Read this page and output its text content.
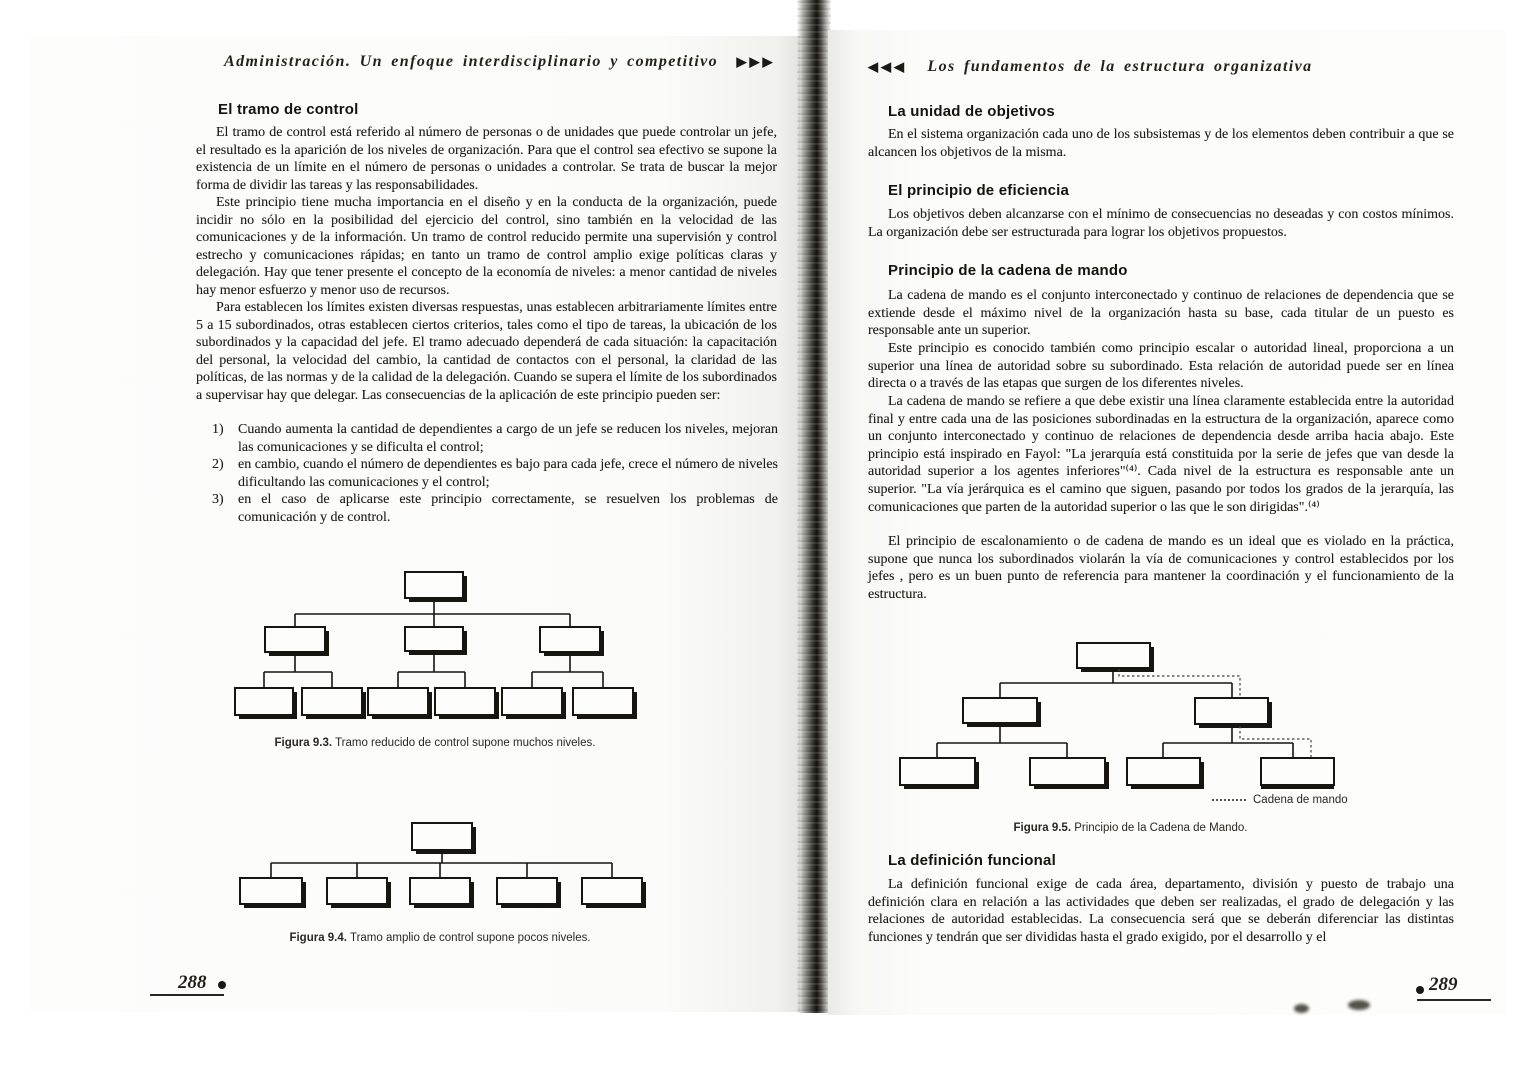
Administración. Un enfoque interdisciplinario y competitivo ▶▶▶
El tramo de control
El tramo de control está referido al número de personas o de unidades que puede controlar un jefe, el resultado es la aparición de los niveles de organización. Para que el control sea efectivo se supone la existencia de un límite en el número de personas o unidades a controlar. Se trata de buscar la mejor forma de dividir las tareas y las responsabilidades.
Este principio tiene mucha importancia en el diseño y en la conducta de la organización, puede incidir no sólo en la posibilidad del ejercicio del control, sino también en la velocidad de las comunicaciones y de la información. Un tramo de control reducido permite una supervisión y control estrecho y comunicaciones rápidas; en tanto un tramo de control amplio exige políticas claras y delegación. Hay que tener presente el concepto de la economía de niveles: a menor cantidad de niveles hay menor esfuerzo y menor uso de recursos.
Para establecen los límites existen diversas respuestas, unas establecen arbitrariamente límites entre 5 a 15 subordinados, otras establecen ciertos criterios, tales como el tipo de tareas, la ubicación de los subordinados y la capacidad del jefe. El tramo adecuado dependerá de cada situación: la capacitación del personal, la velocidad del cambio, la cantidad de contactos con el personal, la claridad de las políticas, de las normas y de la calidad de la delegación. Cuando se supera el límite de los subordinados a supervisar hay que delegar. Las consecuencias de la aplicación de este principio pueden ser:
1)	Cuando aumenta la cantidad de dependientes a cargo de un jefe se reducen los niveles, mejoran las comunicaciones y se dificulta el control;
2)	en cambio, cuando el número de dependientes es bajo para cada jefe, crece el número de niveles dificultando las comunicaciones y el control;
3)	en el caso de aplicarse este principio correctamente, se resuelven los problemas de comunicación y de control.
Figura 9.3. Tramo reducido de control supone muchos niveles.
Figura 9.4. Tramo amplio de control supone pocos niveles.
288
◀◀◀ Los fundamentos de la estructura organizativa
La unidad de objetivos
En el sistema organización cada uno de los subsistemas y de los elementos deben contribuir a que se alcancen los objetivos de la misma.
El principio de eficiencia
Los objetivos deben alcanzarse con el mínimo de consecuencias no deseadas y con costos mínimos. La organización debe ser estructurada para lograr los objetivos propuestos.
Principio de la cadena de mando
La cadena de mando es el conjunto interconectado y continuo de relaciones de dependencia que se extiende desde el máximo nivel de la organización hasta su base, cada titular de un puesto es responsable ante un superior.
Este principio es conocido también como principio escalar o autoridad lineal, proporciona a un superior una línea de autoridad sobre su subordinado. Esta relación de autoridad puede ser en línea directa o a través de las etapas que surgen de los diferentes niveles.
La cadena de mando se refiere a que debe existir una línea claramente establecida entre la autoridad final y entre cada una de las posiciones subordinadas en la estructura de la organización, aparece como un conjunto interconectado y continuo de relaciones de dependencia desde arriba hacia abajo. Este principio está inspirado en Fayol: "La jerarquía está constituida por la serie de jefes que van desde la autoridad superior a los agentes inferiores"⁽⁴⁾. Cada nivel de la estructura es responsable ante un superior. "La vía jerárquica es el camino que siguen, pasando por todos los grados de la jerarquía, las comunicaciones que parten de la autoridad superior o las que le son dirigidas".⁽⁴⁾
El principio de escalonamiento o de cadena de mando es un ideal que es violado en la práctica, supone que nunca los subordinados violarán la vía de comunicaciones y control establecidos por los jefes , pero es un buen punto de referencia para mantener la coordinación y el funcionamiento de la estructura.
Cadena de mando
Figura 9.5. Principio de la Cadena de Mando.
La definición funcional
La definición funcional exige de cada área, departamento, división y puesto de trabajo una definición clara en relación a las actividades que deben ser realizadas, el grado de delegación y las relaciones de autoridad establecidas. La consecuencia será que se deberán diferenciar las distintas funciones y tendrán que ser divididas hasta el grado exigido, por el desarrollo y el
289
